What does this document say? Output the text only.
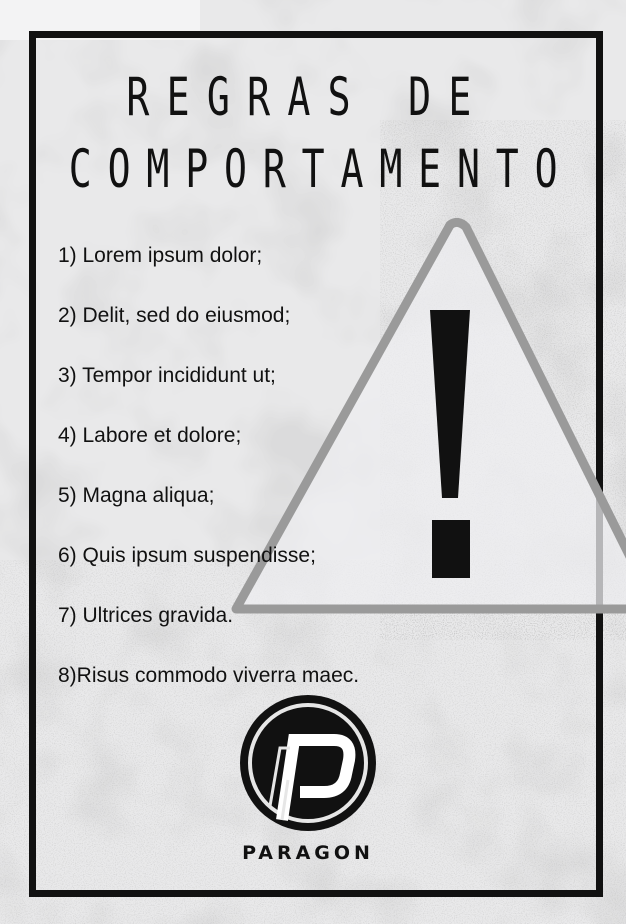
REGRAS DE
COMPORTAMENTO
1) Lorem ipsum dolor;
2) Delit, sed do eiusmod;
3) Tempor incididunt ut;
4) Labore et dolore;
5) Magna aliqua;
6) Quis ipsum suspendisse;
7) Ultrices gravida.
8)Risus commodo viverra maec.
PARAGON
